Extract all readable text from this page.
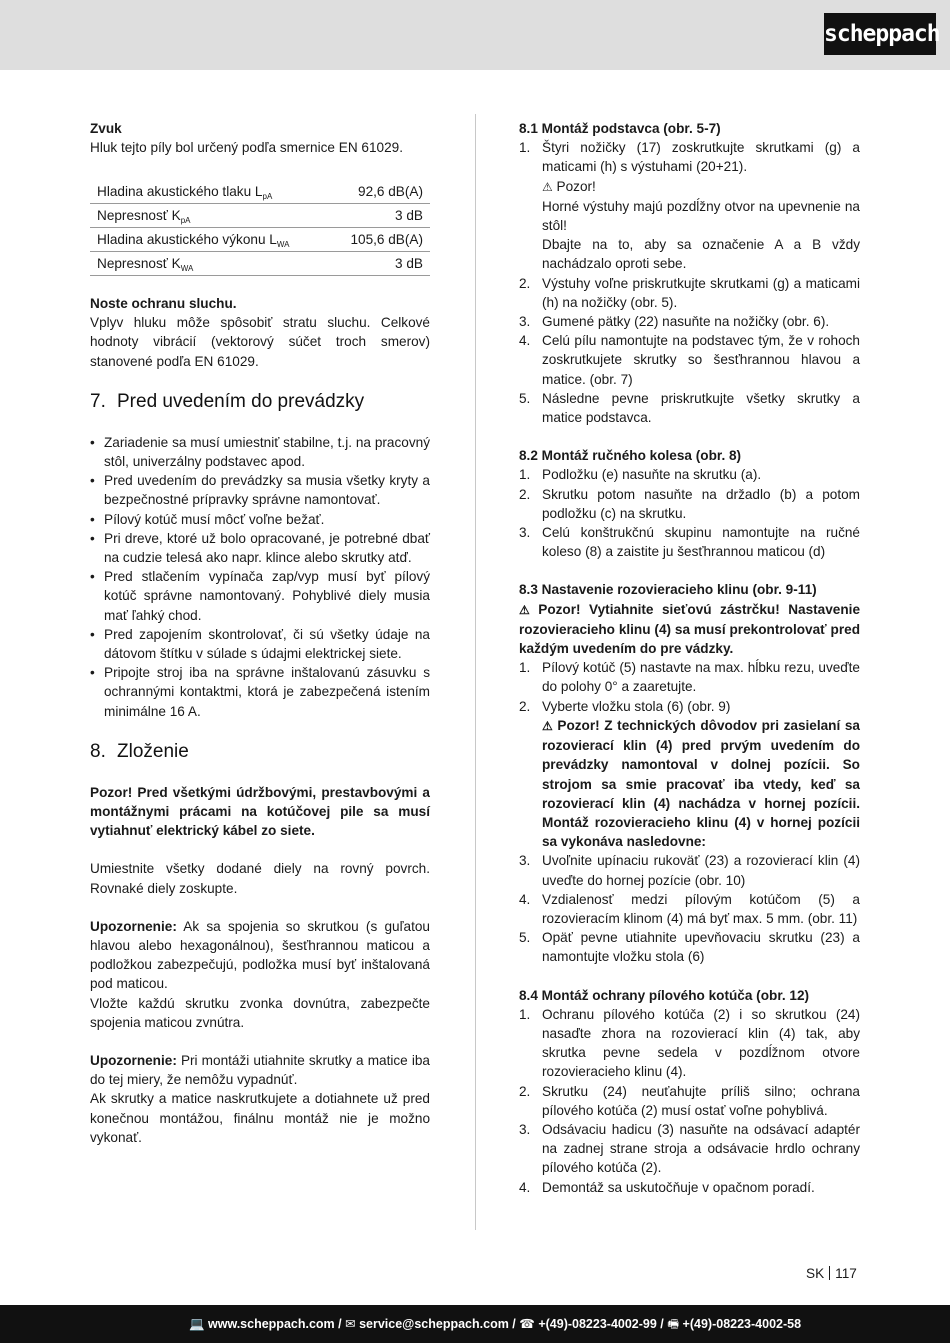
scheppach

Zvuk

Hluk tejto píly bol určený podľa smernice EN 61029.

Hladina akustického tlaku $L_{pA}$	92,6 dB(A)
Nepresnosť $K_{pA}$	3 dB
Hladina akustického výkonu $L_{WA}$	105,6 dB(A)
Nepresnosť $K_{WA}$	3 dB

Noste ochranu sluchu.

Vplyv hluku môže spôsobiť stratu sluchu. Celkové hodnoty vibrácií (vektorový súčet troch smerov) stanovené podľa EN 61029.

7. Pred uvedením do prevádzky
• Zariadenie sa musí umiestniť stabilne, t.j. na pracovný stôl, univerzálny podstavec apod.
• Pred uvedením do prevádzky sa musia všetky kryty a bezpečnostné prípravky správne namontovať.
• Pílový kotúč musí môcť voľne bežať.
• Pri dreve, ktoré už bolo opracované, je potrebné dbať na cudzie telesá ako napr. klince alebo skrutky atď.
• Pred stlačením vypínača zap/vyp musí byť pílový kotúč správne namontovaný. Pohyblivé diely musia mať ľahký chod.
• Pred zapojením skontrolovať, či sú všetky údaje na dátovom štítku v súlade s údajmi elektrickej siete.
• Pripojte stroj iba na správne inštalovanú zásuvku s ochrannými kontaktmi, ktorá je zabezpečená istením minimálne 16 A.
8. Zloženie

Pozor! Pred všetkými údržbovými, prestavbovými a montážnymi prácami na kotúčovej pile sa musí vytiahnuť elektrický kábel zo siete.

Umiestnite všetky dodané diely na rovný povrch. Rovnaké diely zoskupte.

Upozornenie: Ak sa spojenia so skrutkou (s guľatou hlavou alebo hexagonálnou), šesťhrannou maticou a podložkou zabezpečujú, podložka musí byť inštalovaná pod maticou.

Vložte každú skrutku zvonka dovnútra, zabezpečte spojenia maticou zvnútra.

Upozornenie: Pri montáži utiahnite skrutky a matice iba do tej miery, že nemôžu vypadnúť.

Ak skrutky a matice naskrutkujete a dotiahnete už pred konečnou montážou, finálnu montáž nie je možno vykonať.

8.1 Montáž podstavca (obr. 5-7)

1. Štyri nožičky (17) zoskrutkujte skrutkami (g) a maticami (h) s výstuhami (20+21).
⚠ Pozor!
Horné výstuhy majú pozdĺžny otvor na upevnenie na stôl!
Dbajte na to, aby sa označenie A a B vždy nachádzalo oproti sebe.
2. Výstuhy voľne priskrutkujte skrutkami (g) a maticami (h) na nožičky (obr. 5).
3. Gumené pätky (22) nasuňte na nožičky (obr. 6).
4. Celú pílu namontujte na podstavec tým, že v rohoch zoskrutkujete skrutky so šesťhrannou hlavou a matice. (obr. 7)
5. Následne pevne priskrutkujte všetky skrutky a matice podstavca.

8.2 Montáž ručného kolesa (obr. 8)

1. Podložku (e) nasuňte na skrutku (a).
2. Skrutku potom nasuňte na držadlo (b) a potom podložku (c) na skrutku.
3. Celú konštrukčnú skupinu namontujte na ručné koleso (8) a zaistite ju šesťhrannou maticou (d)

8.3 Nastavenie rozovieracieho klinu (obr. 9-11)

⚠ Pozor! Vytiahnite sieťovú zástrčku! Nastavenie rozovieracieho klinu (4) sa musí prekontrolovať pred každým uvedením do pre vádzky.

1. Pílový kotúč (5) nastavte na max. hĺbku rezu, uveďte do polohy 0° a zaaretujte.
2. Vyberte vložku stola (6) (obr. 9)
⚠ Pozor! Z technických dôvodov pri zasielaní sa rozovierací klin (4) pred prvým uvedením do prevádzky namontoval v dolnej pozícii. So strojom sa smie pracovať iba vtedy, keď sa rozovierací klin (4) nachádza v hornej pozícii. Montáž rozovieracieho klinu (4) v hornej pozícii sa vykonáva nasledovne:
3. Uvoľnite upínaciu rukoväť (23) a rozovierací klin (4) uveďte do hornej pozície (obr. 10)
4. Vzdialenosť medzi pílovým kotúčom (5) a rozovieracím klinom (4) má byť max. 5 mm. (obr. 11)
5. Opäť pevne utiahnite upevňovaciu skrutku (23) a namontujte vložku stola (6)

8.4 Montáž ochrany pílového kotúča (obr. 12)

1. Ochranu pílového kotúča (2) i so skrutkou (24) nasaďte zhora na rozovierací klin (4) tak, aby skrutka pevne sedela v pozdĺžnom otvore rozovieracieho klinu (4).
2. Skrutku (24) neuťahujte príliš silno; ochrana pílového kotúča (2) musí ostať voľne pohyblivá.
3. Odsávaciu hadicu (3) nasuňte na odsávací adaptér na zadnej strane stroja a odsávacie hrdlo ochrany pílového kotúča (2).
4. Demontáž sa uskutočňuje v opačnom poradí.
SK 117
💻 www.scheppach.com / ✉ service@scheppach.com / ☎ +(49)-08223-4002-99 / 🖷 +(49)-08223-4002-58
